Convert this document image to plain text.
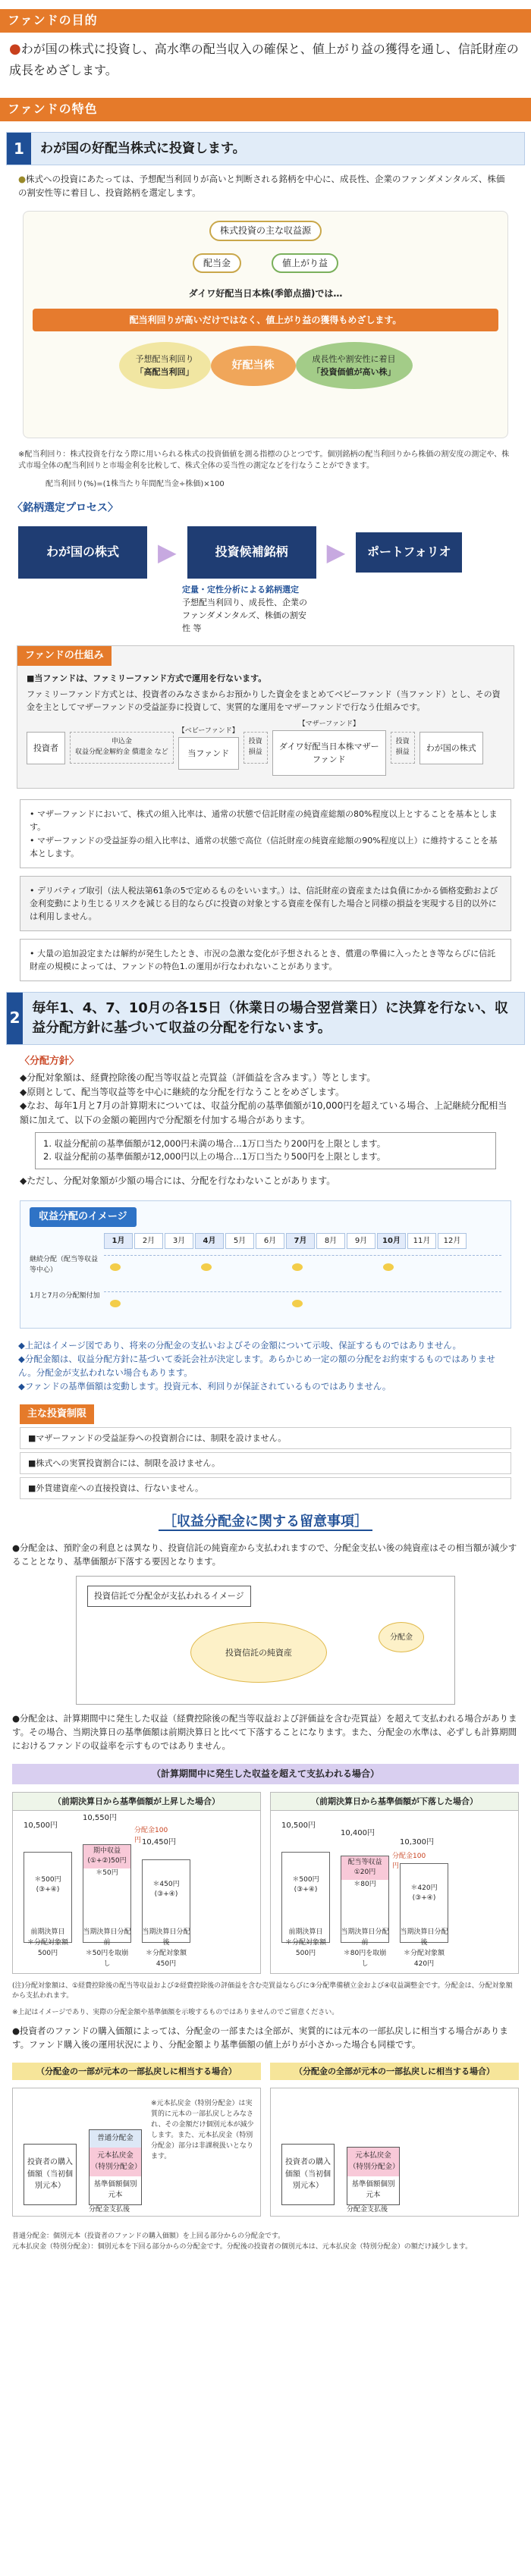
ファンドの目的
●わが国の株式に投資し、高水準の配当収入の確保と、値上がり益の獲得を通し、信託財産の成長をめざします。
ファンドの特色
1	わが国の好配当株式に投資します。
●株式への投資にあたっては、予想配当利回りが高いと判断される銘柄を中心に、成長性、企業のファンダメンタルズ、株価の割安性等に着目し、投資銘柄を選定します。
株式投資の主な収益源
配当金	値上がり益
ダイワ好配当日本株(季節点描)では…
配当利回りが高いだけではなく、値上がり益の獲得もめざします。
予想配当利回り
「高配当利回」
好配当株	成長性や割安性に着目
「投資価値が高い株」
※配当利回り：株式投資を行なう際に用いられる株式の投資価値を測る指標のひとつです。個別銘柄の配当利回りから株価の割安度の測定や、株式市場全体の配当利回りと市場金利を比較して、株式全体の妥当性の測定などを行なうことができます。
配当利回り(%)=(1株当たり年間配当金÷株価)×100
〈銘柄選定プロセス〉
わが国の株式	▶	投資候補銘柄	▶	ポートフォリオ
定量・定性分析による銘柄選定
予想配当利回り、成長性、企業のファンダメンタルズ、株価の割安性 等
ファンドの仕組み
■当ファンドは、ファミリーファンド方式で運用を行ないます。
ファミリーファンド方式とは、投資者のみなさまからお預かりした資金をまとめてベビーファンド（当ファンド）とし、その資金を主としてマザーファンドの受益証券に投資して、実質的な運用をマザーファンドで行なう仕組みです。
投資者
申込金
収益分配金解約金 償還金 など
【ベビーファンド】
当ファンド
投資
損益
【マザーファンド】
ダイワ好配当日本株マザーファンド
投資
損益	わが国の株式
• マザーファンドにおいて、株式の組入比率は、通常の状態で信託財産の純資産総額の80%程度以上とすることを基本とします。
• マザーファンドの受益証券の組入比率は、通常の状態で高位（信託財産の純資産総額の90%程度以上）に維持することを基本とします。
• デリバティブ取引（法人税法第61条の5で定めるものをいいます。）は、信託財産の資産または負債にかかる価格変動および金利変動により生じるリスクを減じる目的ならびに投資の対象とする資産を保有した場合と同様の損益を実現する目的以外には利用しません。
• 大量の追加設定または解約が発生したとき、市況の急激な変化が予想されるとき、償還の準備に入ったとき等ならびに信託財産の規模によっては、ファンドの特色1.の運用が行なわれないことがあります。
2
毎年1、4、7、10月の各15日（休業日の場合翌営業日）に決算を行ない、収益分配方針に基づいて収益の分配を行ないます。
〈分配方針〉
◆分配対象額は、経費控除後の配当等収益と売買益（評価益を含みます。）等とします。
◆原則として、配当等収益等を中心に継続的な分配を行なうことをめざします。
◆なお、毎年1月と7月の計算期末については、収益分配前の基準価額が10,000円を超えている場合、上記継続分配相当額に加えて、以下の金額の範囲内で分配額を付加する場合があります。
1. 収益分配前の基準価額が12,000円未満の場合…1万口当たり200円を上限とします。
2. 収益分配前の基準価額が12,000円以上の場合…1万口当たり500円を上限とします。
◆ただし、分配対象額が少額の場合には、分配を行なわないことがあります。
収益分配のイメージ
1月	2月	3月	4月	5月	6月	7月	8月	9月	10月	11月	12月
継続分配（配当等収益等中心）
1月と7月の分配額付加
◆上記はイメージ図であり、将来の分配金の支払いおよびその金額について示唆、保証するものではありません。
◆分配金額は、収益分配方針に基づいて委託会社が決定します。あらかじめ一定の額の分配をお約束するものではありません。分配金が支払われない場合もあります。
◆ファンドの基準価額は変動します。投資元本、利回りが保証されているものではありません。
主な投資制限
■マザーファンドの受益証券への投資割合には、制限を設けません。
■株式への実質投資割合には、制限を設けません。
■外貨建資産への直接投資は、行ないません。
［収益分配金に関する留意事項］
●分配金は、預貯金の利息とは異なり、投資信託の純資産から支払われますので、分配金支払い後の純資産はその相当額が減少することとなり、基準価額が下落する要因となります。
投資信託で分配金が支払われるイメージ
投資信託の純資産
分配金
●分配金は、計算期間中に発生した収益（経費控除後の配当等収益および評価益を含む売買益）を超えて支払われる場合があります。その場合、当期決算日の基準価額は前期決算日と比べて下落することになります。また、分配金の水準は、必ずしも計算期間におけるファンドの収益率を示すものではありません。
（計算期間中に発生した収益を超えて支払われる場合）
（前期決算日から基準価額が上昇した場合）
10,500円
10,550円
10,450円
＊500円(③+④)
期中収益(①+②)50円
＊50円
＊450円(③+④)
分配金100円
前期決算日
＊分配対象額500円
当期決算日分配前
＊50円を取崩し
当期決算日分配後
＊分配対象額450円
（前期決算日から基準価額が下落した場合）
10,500円
10,400円
10,300円
＊500円(③+④)
配当等収益①20円
＊80円	＊420円(③+④)
分配金100円
前期決算日
＊分配対象額500円
当期決算日分配前
＊80円を取崩し
当期決算日分配後
＊分配対象額420円
(注)分配対象額は、①経費控除後の配当等収益および②経費控除後の評価益を含む売買益ならびに③分配準備積立金および④収益調整金です。分配金は、分配対象額から支払われます。
※上記はイメージであり、実際の分配金額や基準価額を示唆するものではありませんのでご留意ください。
●投資者のファンドの購入価額によっては、分配金の一部または全部が、実質的には元本の一部払戻しに相当する場合があります。ファンド購入後の運用状況により、分配金額より基準価額の値上がりが小さかった場合も同様です。
（分配金の一部が元本の一部払戻しに相当する場合）	（分配金の全部が元本の一部払戻しに相当する場合）
投資者の購入価額（当初個別元本）
普通分配金
元本払戻金（特別分配金）
基準価額個別元本
分配金支払後
※元本払戻金（特別分配金）は実質的に元本の一部払戻しとみなされ、その金額だけ個別元本が減少します。また、元本払戻金（特別分配金）部分は非課税扱いとなります。
投資者の購入価額（当初個別元本）
元本払戻金（特別分配金）
基準価額個別元本
分配金支払後
普通分配金：個別元本（投資者のファンドの購入価額）を上回る部分からの分配金です。
元本払戻金（特別分配金）：個別元本を下回る部分からの分配金です。分配後の投資者の個別元本は、元本払戻金（特別分配金）の額だけ減少します。
